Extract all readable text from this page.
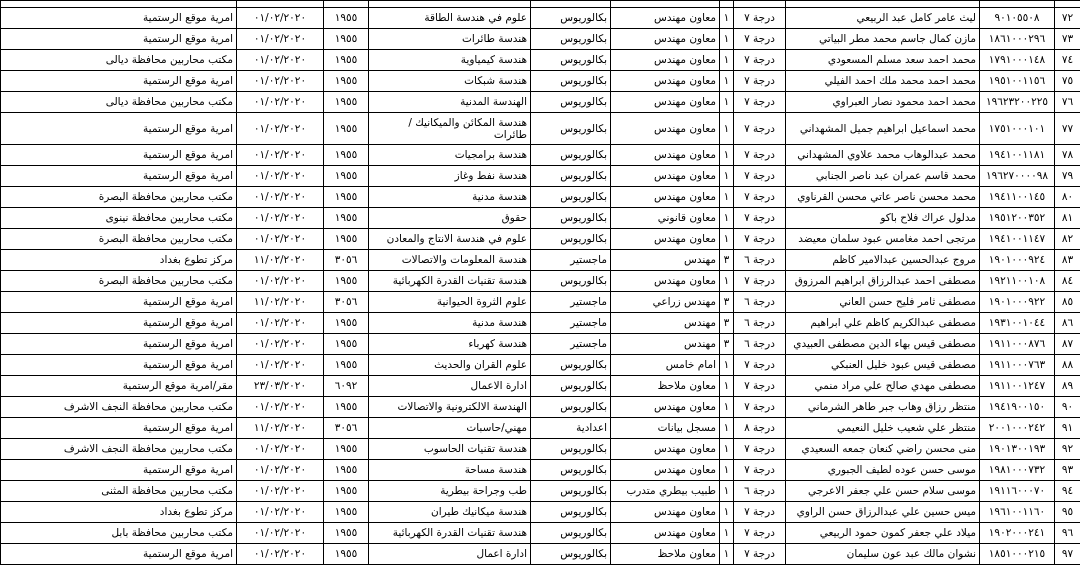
٧٢	٩٠١٠٥٥٠٨	ليث عامر كامل عبد الربيعي	درجة ٧	١	معاون مهندس	بكالوريوس	علوم في هندسة الطاقة	١٩٥٥	٠١/٠٢/٢٠٢٠	امرية موقع الرستمية
٧٣	١٨٦١٠٠٠٢٩٦	مازن كمال جاسم محمد مطر البياتي	درجة ٧	١	معاون مهندس	بكالوريوس	هندسة طائرات	١٩٥٥	٠١/٠٢/٢٠٢٠	امرية موقع الرستمية
٧٤	١٧٩١٠٠٠١٤٨	محمد احمد سعد مسلم المسعودي	درجة ٧	١	معاون مهندس	بكالوريوس	هندسة كيمياوية	١٩٥٥	٠١/٠٢/٢٠٢٠	مكتب محاربين محافظة ديالى
٧٥	١٩٥١٠٠١١٥٦	محمد احمد محمد ملك احمد الفيلي	درجة ٧	١	معاون مهندس	بكالوريوس	هندسة شبكات	١٩٥٥	٠١/٠٢/٢٠٢٠	امرية موقع الرستمية
٧٦	١٩٦٢٣٢٠٠٢٢٥	محمد احمد محمود نصار العبراوي	درجة ٧	١	معاون مهندس	بكالوريوس	الهندسة المدنية	١٩٥٥	٠١/٠٢/٢٠٢٠	مكتب محاربين محافظة ديالى
٧٧	١٧٥١٠٠٠١٠١	محمد اسماعيل ابراهيم جميل المشهداني	درجة ٧	١	معاون مهندس	بكالوريوس	هندسة المكائن والميكانيك / طائرات	١٩٥٥	٠١/٠٢/٢٠٢٠	امرية موقع الرستمية
٧٨	١٩٤١٠٠١١٨١	محمد عبدالوهاب محمد علاوي المشهداني	درجة ٧	١	معاون مهندس	بكالوريوس	هندسة برامجيات	١٩٥٥	٠١/٠٢/٢٠٢٠	امرية موقع الرستمية
٧٩	١٩٦٢٧٠٠٠٠٩٨	محمد قاسم عمران عبد ناصر الجنابي	درجة ٧	١	معاون مهندس	بكالوريوس	هندسة نفط وغاز	١٩٥٥	٠١/٠٢/٢٠٢٠	امرية موقع الرستمية
٨٠	١٩٤١١٠٠١٤٥	محمد محسن ناصر عاتي محسن القرناوي	درجة ٧	١	معاون مهندس	بكالوريوس	هندسة مدنية	١٩٥٥	٠١/٠٢/٢٠٢٠	مكتب محاربين محافظة البصرة
٨١	١٩٥١٢٠٠٣٥٢	مدلول عراك فلاح باكو	درجة ٧	١	معاون قانوني	بكالوريوس	حقوق	١٩٥٥	٠١/٠٢/٢٠٢٠	مكتب محاربين محافظة نينوى
٨٢	١٩٤١٠٠١١٤٧	مرتجى احمد مغامس عبود سلمان معيضد	درجة ٧	١	معاون مهندس	بكالوريوس	علوم في هندسة الانتاج والمعادن	١٩٥٥	٠١/٠٢/٢٠٢٠	مكتب محاربين محافظة البصرة
٨٣	١٩٠١٠٠٠٩٢٤	مروج عبدالحسين عبدالامير كاظم	درجة ٦	٣	مهندس	ماجستير	هندسة المعلومات والاتصالات	٣٠٥٦	١١/٠٢/٢٠٢٠	مركز تطوع بغداد
٨٤	١٩٢١١٠٠١٠٨	مصطفى احمد عبدالرزاق ابراهيم المرزوق	درجة ٧	١	معاون مهندس	بكالوريوس	هندسة تقنيات القدرة الكهربائية	١٩٥٥	٠١/٠٢/٢٠٢٠	مكتب محاربين محافظة البصرة
٨٥	١٩٠١٠٠٠٩٢٢	مصطفى ثامر فليح حسن العاني	درجة ٦	٣	مهندس زراعي	ماجستير	علوم الثروة الحيوانية	٣٠٥٦	١١/٠٢/٢٠٢٠	امرية موقع الرستمية
٨٦	١٩٣١٠٠١٠٤٤	مصطفى عبدالكريم كاظم علي ابراهيم	درجة ٦	٣	مهندس	ماجستير	هندسة مدنية	١٩٥٥	٠١/٠٢/٢٠٢٠	امرية موقع الرستمية
٨٧	١٩١١٠٠٠٨٧٦	مصطفى قيس بهاء الدين مصطفى العبيدي	درجة ٦	٣	مهندس	ماجستير	هندسة كهرباء	١٩٥٥	٠١/٠٢/٢٠٢٠	امرية موقع الرستمية
٨٨	١٩١١٠٠٠٧٦٣	مصطفى قيس عبود خليل العنبكي	درجة ٧	١	امام خامس	بكالوريوس	علوم القران والحديث	١٩٥٥	٠١/٠٢/٢٠٢٠	امرية موقع الرستمية
٨٩	١٩١١٠٠١٢٤٧	مصطفى مهدي صالح علي مراد منمي	درجة ٧	١	معاون ملاحظ	بكالوريوس	ادارة الاعمال	٦٠٩٢	٢٣/٠٣/٢٠٢٠	مقر/امرية موقع الرستمية
٩٠	١٩٤١٩٠٠١٥٠	منتظر رزاق وهاب جبر طاهر الشرماني	درجة ٧	١	معاون مهندس	بكالوريوس	الهندسة الالكترونية والاتصالات	١٩٥٥	٠١/٠٢/٢٠٢٠	مكتب محاربين محافظة النجف الاشرف
٩١	٢٠٠١٠٠٠٢٤٢	منتظر علي شعيب خليل النعيمي	درجة ٨	١	مسجل بيانات	اعدادية	مهني/حاسبات	٣٠٥٦	١١/٠٢/٢٠٢٠	امرية موقع الرستمية
٩٢	١٩٠١٣٠٠١٩٣	منى محسن راضي كنعان جمعه السعيدي	درجة ٧	١	معاون مهندس	بكالوريوس	هندسة تقنيات الحاسوب	١٩٥٥	٠١/٠٢/٢٠٢٠	مكتب محاربين محافظة النجف الاشرف
٩٣	١٩٨١٠٠٠٧٣٢	موسى حسن عوده لطيف الجبوري	درجة ٧	١	معاون مهندس	بكالوريوس	هندسة مساحة	١٩٥٥	٠١/٠٢/٢٠٢٠	امرية موقع الرستمية
٩٤	١٩١١٦٠٠٠٧٠	موسى سلام حسن علي جعفر الاعرجي	درجة ٦	١	طبيب بيطري متدرب	بكالوريوس	طب وجراحة بيطرية	١٩٥٥	٠١/٠٢/٢٠٢٠	مكتب محاربين محافظة المثنى
٩٥	١٩٦١٠٠١١٦٠	ميس حسين علي عبدالرزاق حسن الراوي	درجة ٧	١	معاون مهندس	بكالوريوس	هندسة ميكانيك طيران	١٩٥٥	٠١/٠٢/٢٠٢٠	مركز تطوع بغداد
٩٦	١٩٠٢٠٠٠٢٤١	ميلاد علي جعفر كمون حمود الربيعي	درجة ٧	١	معاون مهندس	بكالوريوس	هندسة تقنيات القدرة الكهربائية	١٩٥٥	٠١/٠٢/٢٠٢٠	مكتب محاربين محافظة بابل
٩٧	١٨٥١٠٠٠٢١٥	نشوان مالك عبد عون سليمان	درجة ٧	١	معاون ملاحظ	بكالوريوس	ادارة اعمال	١٩٥٥	٠١/٠٢/٢٠٢٠	امرية موقع الرستمية
